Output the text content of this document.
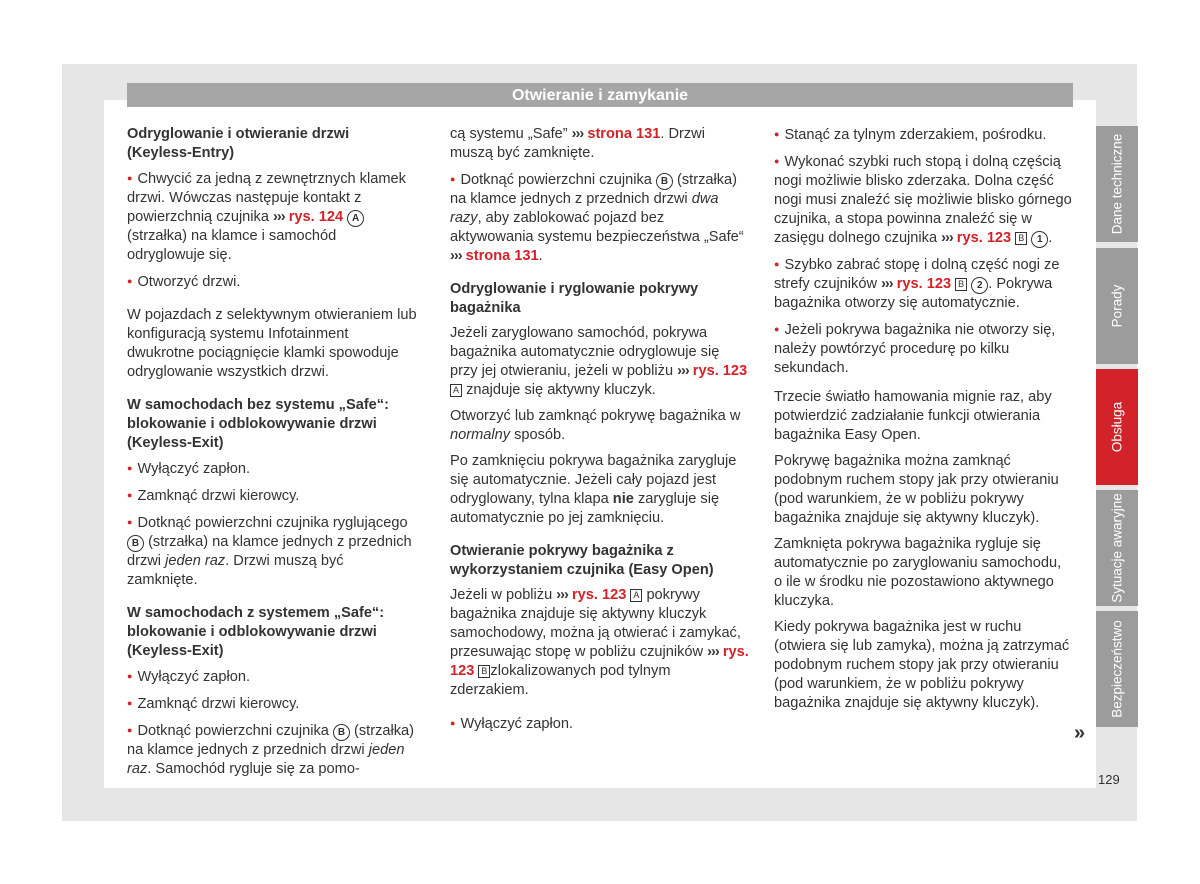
Otwieranie i zamykanie

Odryglowanie i otwieranie drzwi (Keyless-Entry)

● Chwycić za jedną z zewnętrznych klamek drzwi. Wówczas następuje kontakt z powierzchnią czujnika ››› rys. 124 A (strzałka) na klamce i samochód odryglowuje się.

● Otworzyć drzwi.

W pojazdach z selektywnym otwieraniem lub konfiguracją systemu Infotainment dwukrotne pociągnięcie klamki spowoduje odryglowanie wszystkich drzwi.

W samochodach bez systemu „Safe“: blokowanie i odblokowywanie drzwi (Keyless-Exit)

● Wyłączyć zapłon.

● Zamknąć drzwi kierowcy.

● Dotknąć powierzchni czujnika ryglującego B (strzałka) na klamce jednych z przednich drzwi jeden raz. Drzwi muszą być zamknięte.

W samochodach z systemem „Safe“: blokowanie i odblokowywanie drzwi (Keyless-Exit)

● Wyłączyć zapłon.

● Zamknąć drzwi kierowcy.

● Dotknąć powierzchni czujnika B (strzałka) na klamce jednych z przednich drzwi jeden raz. Samochód rygluje się za pomo-

cą systemu „Safe” ››› strona 131. Drzwi muszą być zamknięte.

● Dotknąć powierzchni czujnika B (strzałka) na klamce jednych z przednich drzwi dwa razy, aby zablokować pojazd bez aktywowania systemu bezpieczeństwa „Safe“ ››› strona 131.

Odryglowanie i ryglowanie pokrywy bagażnika

Jeżeli zaryglowano samochód, pokrywa bagażnika automatycznie odryglowuje się przy jej otwieraniu, jeżeli w pobliżu ››› rys. 123 A znajduje się aktywny kluczyk.

Otworzyć lub zamknąć pokrywę bagażnika w normalny sposób.

Po zamknięciu pokrywa bagażnika zarygluje się automatycznie. Jeżeli cały pojazd jest odryglowany, tylna klapa nie zarygluje się automatycznie po jej zamknięciu.

Otwieranie pokrywy bagażnika z wykorzystaniem czujnika (Easy Open)

Jeżeli w pobliżu ››› rys. 123 A pokrywy bagażnika znajduje się aktywny kluczyk samochodowy, można ją otwierać i zamykać, przesuwając stopę w pobliżu czujników ››› rys. 123 B zlokalizowanych pod tylnym zderzakiem.

● Wyłączyć zapłon.

● Stanąć za tylnym zderzakiem, pośrodku.

● Wykonać szybki ruch stopą i dolną częścią nogi możliwie blisko zderzaka. Dolna część nogi musi znaleźć się możliwie blisko górnego czujnika, a stopa powinna znaleźć się w zasięgu dolnego czujnika ››› rys. 123 B 1 .

● Szybko zabrać stopę i dolną część nogi ze strefy czujników ››› rys. 123 B 2 . Pokrywa bagażnika otworzy się automatycznie.

● Jeżeli pokrywa bagażnika nie otworzy się, należy powtórzyć procedurę po kilku sekundach.

Trzecie światło hamowania mignie raz, aby potwierdzić zadziałanie funkcji otwierania bagażnika Easy Open.

Pokrywę bagażnika można zamknąć podobnym ruchem stopy jak przy otwieraniu (pod warunkiem, że w pobliżu pokrywy bagażnika znajduje się aktywny kluczyk).

Zamknięta pokrywa bagażnika rygluje się automatycznie po zaryglowaniu samochodu, o ile w środku nie pozostawiono aktywnego kluczyka.

Kiedy pokrywa bagażnika jest w ruchu (otwiera się lub zamyka), można ją zatrzymać podobnym ruchem stopy jak przy otwieraniu (pod warunkiem, że w pobliżu pokrywy bagażnika znajduje się aktywny kluczyk).

»
Dane techniczne
Porady
Obsługa
Sytuacje awaryjne
Bezpieczeństwo
129
